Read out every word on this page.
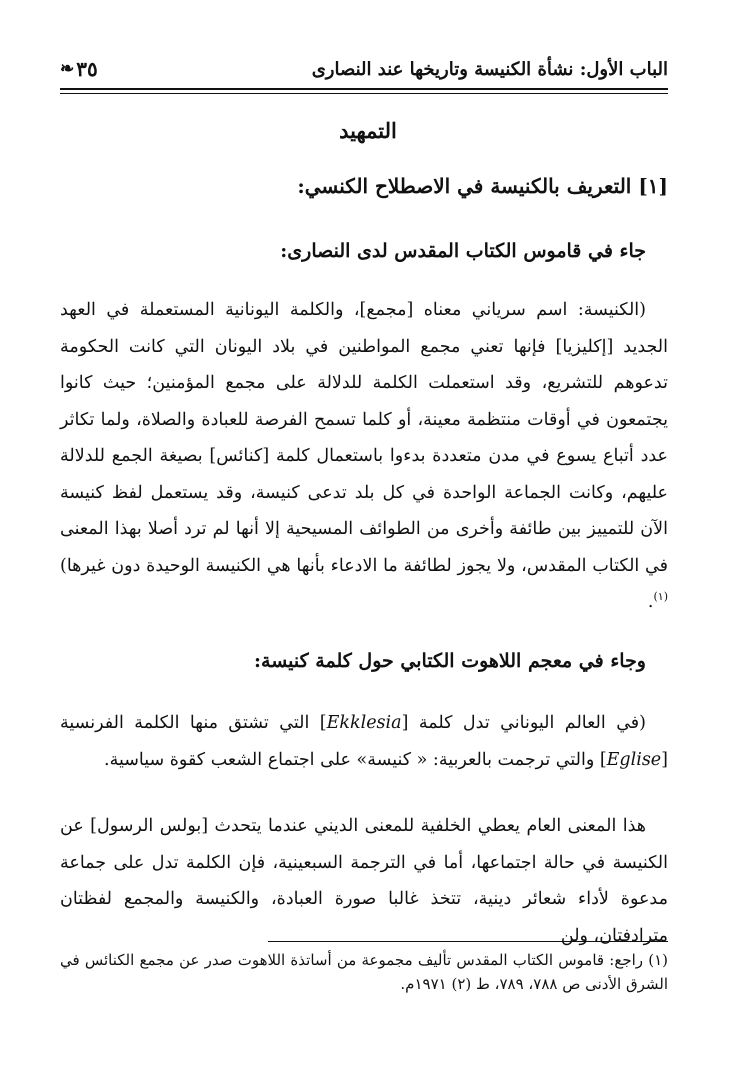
الباب الأول: نشأة الكنيسة وتاريخها عند النصارى
٣٥
❧
التمهيد
[١] التعريف بالكنيسة في الاصطلاح الكنسي:
جاء في قاموس الكتاب المقدس لدى النصارى:

(الكنيسة: اسم سرياني معناه [مجمع]، والكلمة اليونانية المستعملة في العهد الجديد [إكليزيا] فإنها تعني مجمع المواطنين في بلاد اليونان التي كانت الحكومة تدعوهم للتشريع، وقد استعملت الكلمة للدلالة على مجمع المؤمنين؛ حيث كانوا يجتمعون في أوقات منتظمة معينة، أو كلما تسمح الفرصة للعبادة والصلاة، ولما تكاثر عدد أتباع يسوع في مدن متعددة بدءوا باستعمال كلمة [كنائس] بصيغة الجمع للدلالة عليهم، وكانت الجماعة الواحدة في كل بلد تدعى كنيسة، وقد يستعمل لفظ كنيسة الآن للتمييز بين طائفة وأخرى من الطوائف المسيحية إلا أنها لم ترد أصلا بهذا المعنى في الكتاب المقدس، ولا يجوز لطائفة ما الادعاء بأنها هي الكنيسة الوحيدة دون غيرها)$^{(١)}$.

وجاء في معجم اللاهوت الكتابي حول كلمة كنيسة:

(في العالم اليوناني تدل كلمة [Ekklesia] التي تشتق منها الكلمة الفرنسية [Eglise] والتي ترجمت بالعربية: « كنيسة» على اجتماع الشعب كقوة سياسية.

هذا المعنى العام يعطي الخلفية للمعنى الديني عندما يتحدث [بولس الرسول] عن الكنيسة في حالة اجتماعها، أما في الترجمة السبعينية، فإن الكلمة تدل على جماعة مدعوة لأداء شعائر دينية، تتخذ غالبا صورة العبادة، والكنيسة والمجمع لفظتان مترادفتان، ولن

(١) راجع: قاموس الكتاب المقدس تأليف مجموعة من أساتذة اللاهوت صدر عن مجمع الكنائس في الشرق الأدنى ص ٧٨٨، ٧٨٩، ط (٢) ١٩٧١م.
